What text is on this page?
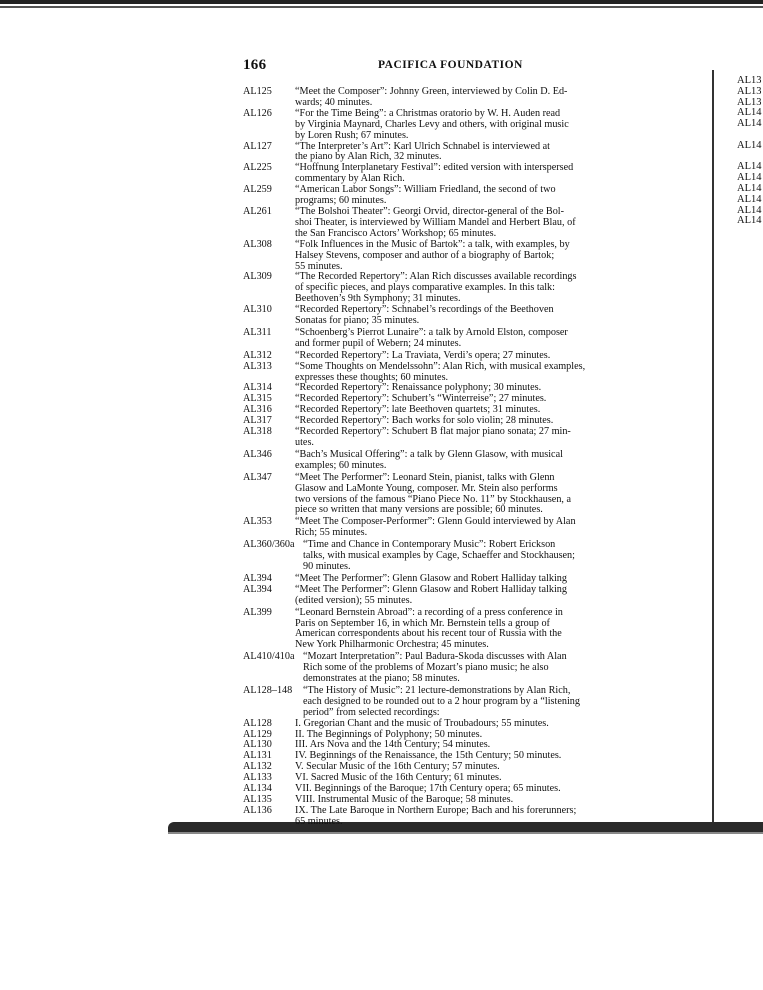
166	PACIFICA FOUNDATION
AL13
AL13
AL13
AL14
AL14
AL14
AL14
AL14
AL14
AL14
AL14
AL14
AL125	“Meet the Composer”: Johnny Green, interviewed by Colin D. Ed-
wards; 40 minutes.
AL126	“For the Time Being”: a Christmas oratorio by W. H. Auden read
by Virginia Maynard, Charles Levy and others, with original music
by Loren Rush; 67 minutes.
AL127	“The Interpreter’s Art”: Karl Ulrich Schnabel is interviewed at
the piano by Alan Rich, 32 minutes.
AL225	“Hoffnung Interplanetary Festival”: edited version with interspersed
commentary by Alan Rich.
AL259	“American Labor Songs”: William Friedland, the second of two
programs; 60 minutes.
AL261	“The Bolshoi Theater”: Georgi Orvid, director-general of the Bol-
shoi Theater, is interviewed by William Mandel and Herbert Blau, of
the San Francisco Actors’ Workshop; 65 minutes.
AL308	“Folk Influences in the Music of Bartok”: a talk, with examples, by
Halsey Stevens, composer and author of a biography of Bartok;
55 minutes.
AL309	“The Recorded Repertory”: Alan Rich discusses available recordings
of specific pieces, and plays comparative examples. In this talk:
Beethoven’s 9th Symphony; 31 minutes.
AL310	“Recorded Repertory”: Schnabel’s recordings of the Beethoven
Sonatas for piano; 35 minutes.
AL311	“Schoenberg’s Pierrot Lunaire”: a talk by Arnold Elston, composer
and former pupil of Webern; 24 minutes.
AL312	“Recorded Repertory”: La Traviata, Verdi’s opera; 27 minutes.
AL313	“Some Thoughts on Mendelssohn”: Alan Rich, with musical examples,
expresses these thoughts; 60 minutes.
AL314	“Recorded Repertory”: Renaissance polyphony; 30 minutes.
AL315	“Recorded Repertory”: Schubert’s “Winterreise”; 27 minutes.
AL316	“Recorded Repertory”: late Beethoven quartets; 31 minutes.
AL317	“Recorded Repertory”: Bach works for solo violin; 28 minutes.
AL318	“Recorded Repertory”: Schubert B flat major piano sonata; 27 min-
utes.
AL346	“Bach’s Musical Offering”: a talk by Glenn Glasow, with musical
examples; 60 minutes.
AL347	“Meet The Performer”: Leonard Stein, pianist, talks with Glenn
Glasow and LaMonte Young, composer. Mr. Stein also performs
two versions of the famous “Piano Piece No. 11” by Stockhausen, a
piece so written that many versions are possible; 60 minutes.
AL353	“Meet The Composer-Performer”: Glenn Gould interviewed by Alan
Rich; 55 minutes.
AL360/360a “Time and Chance in Contemporary Music”: Robert Erickson
talks, with musical examples by Cage, Schaeffer and Stockhausen;
90 minutes.
AL394	“Meet The Performer”: Glenn Glasow and Robert Halliday talking
AL394	“Meet The Performer”: Glenn Glasow and Robert Halliday talking
(edited version); 55 minutes.
AL399	“Leonard Bernstein Abroad”: a recording of a press conference in
Paris on September 16, in which Mr. Bernstein tells a group of
American correspondents about his recent tour of Russia with the
New York Philharmonic Orchestra; 45 minutes.
AL410/410a “Mozart Interpretation”: Paul Badura-Skoda discusses with Alan
Rich some of the problems of Mozart’s piano music; he also
demonstrates at the piano; 58 minutes.
AL128–148	“The History of Music”: 21 lecture-demonstrations by Alan Rich,
each designed to be rounded out to a 2 hour program by a “listening
period” from selected recordings:
AL128	I. Gregorian Chant and the music of Troubadours; 55 minutes.
AL129	II. The Beginnings of Polyphony; 50 minutes.
AL130	III. Ars Nova and the 14th Century; 54 minutes.
AL131	IV. Beginnings of the Renaissance, the 15th Century; 50 minutes.
AL132	V. Secular Music of the 16th Century; 57 minutes.
AL133	VI. Sacred Music of the 16th Century; 61 minutes.
AL134	VII. Beginnings of the Baroque; 17th Century opera; 65 minutes.
AL135	VIII. Instrumental Music of the Baroque; 58 minutes.
AL136	IX. The Late Baroque in Northern Europe; Bach and his forerunners;
65 minutes.
